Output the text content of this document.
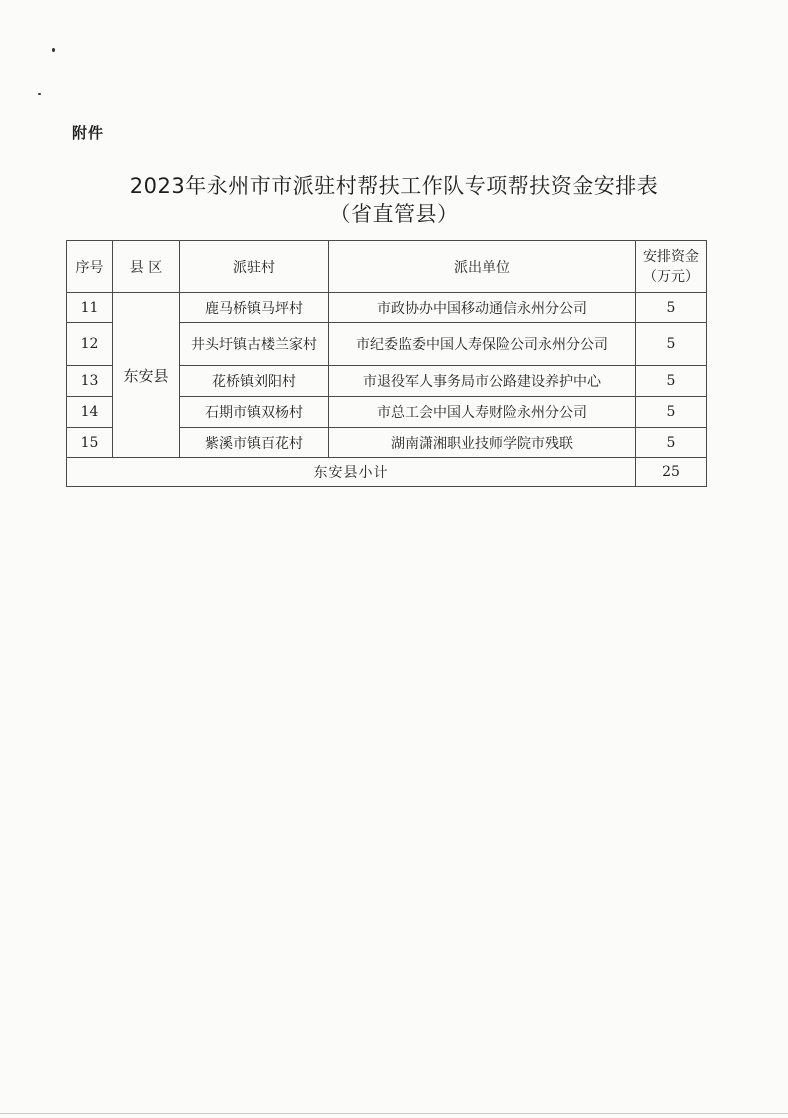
附件
2023年永州市市派驻村帮扶工作队专项帮扶资金安排表
（省直管县）
序号	县 区	派驻村	派出单位	安排资金
（万元）

11	东安县	鹿马桥镇马坪村	市政协办中国移动通信永州分公司	5
12		井头圩镇古楼兰家村	市纪委监委中国人寿保险公司永州分公司	5
13		花桥镇刘阳村	市退役军人事务局市公路建设养护中心	5
14		石期市镇双杨村	市总工会中国人寿财险永州分公司	5
15		紫溪市镇百花村	湖南潇湘职业技师学院市残联	5
东安县小计				25
